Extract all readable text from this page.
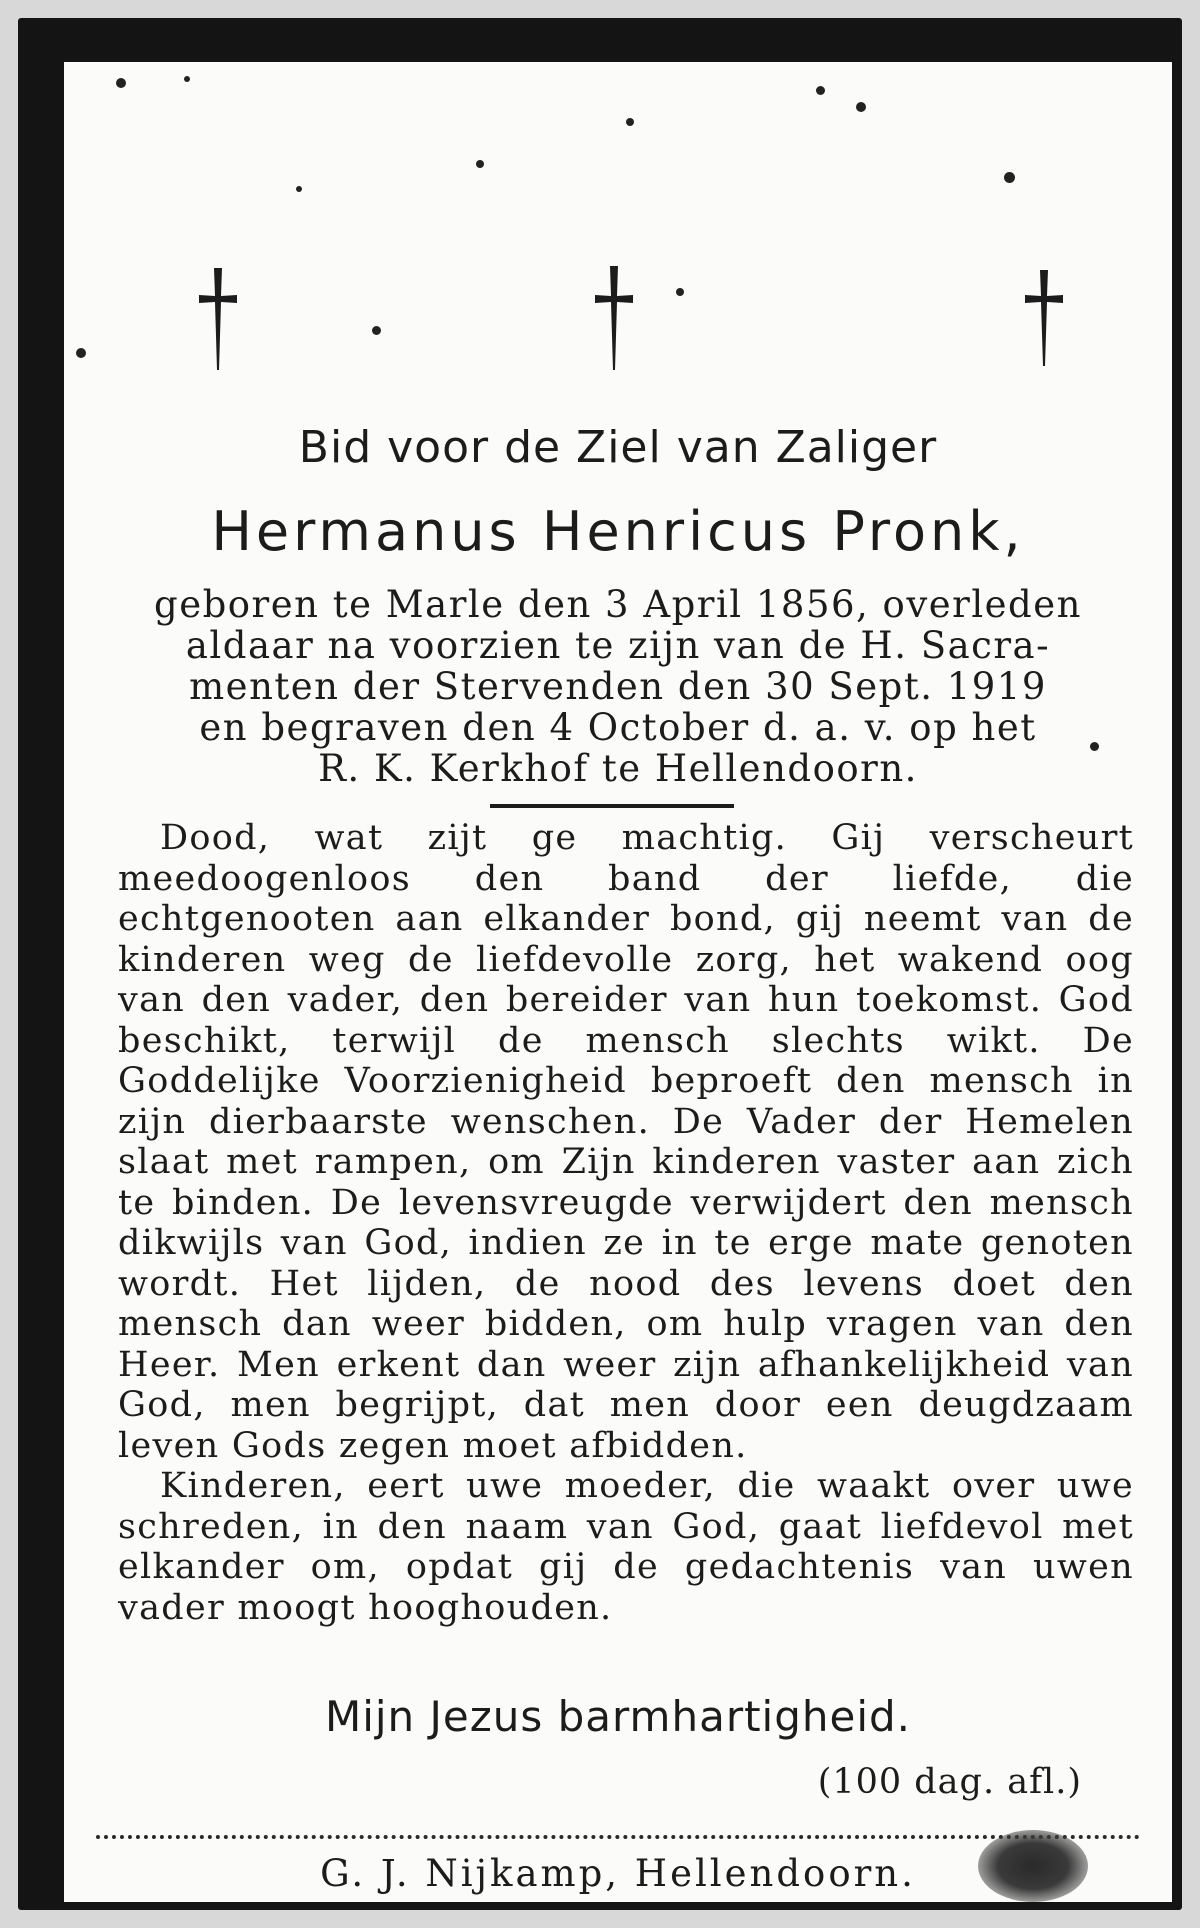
Bid voor de Ziel van Zaliger
Hermanus Henricus Pronk,
geboren te Marle den 3 April 1856, overleden
aldaar na voorzien te zijn van de H. Sacra-
menten der Stervenden den 30 Sept. 1919
en begraven den 4 October d. a. v. op het
R. K. Kerkhof te Hellendoorn.

Dood, wat zijt ge machtig. Gij verscheurt meedoogenloos den band der liefde, die echtgenooten aan elkander bond, gij neemt van de kinderen weg de liefdevolle zorg, het wakend oog van den vader, den bereider van hun toekomst. God beschikt, terwijl de mensch slechts wikt. De Goddelijke Voorzienigheid beproeft den mensch in zijn dierbaarste wenschen. De Vader der Hemelen slaat met rampen, om Zijn kinderen vaster aan zich te binden. De levensvreugde verwijdert den mensch dikwijls van God, indien ze in te erge mate genoten wordt. Het lijden, de nood des levens doet den mensch dan weer bidden, om hulp vragen van den Heer. Men erkent dan weer zijn afhankelijkheid van God, men begrijpt, dat men door een deugdzaam leven Gods zegen moet afbidden.

Kinderen, eert uwe moeder, die waakt over uwe schreden, in den naam van God, gaat liefdevol met elkander om, opdat gij de gedachtenis van uwen vader moogt hooghouden.

Mijn Jezus barmhartigheid.
(100 dag. afl.)
G. J. Nijkamp, Hellendoorn.
